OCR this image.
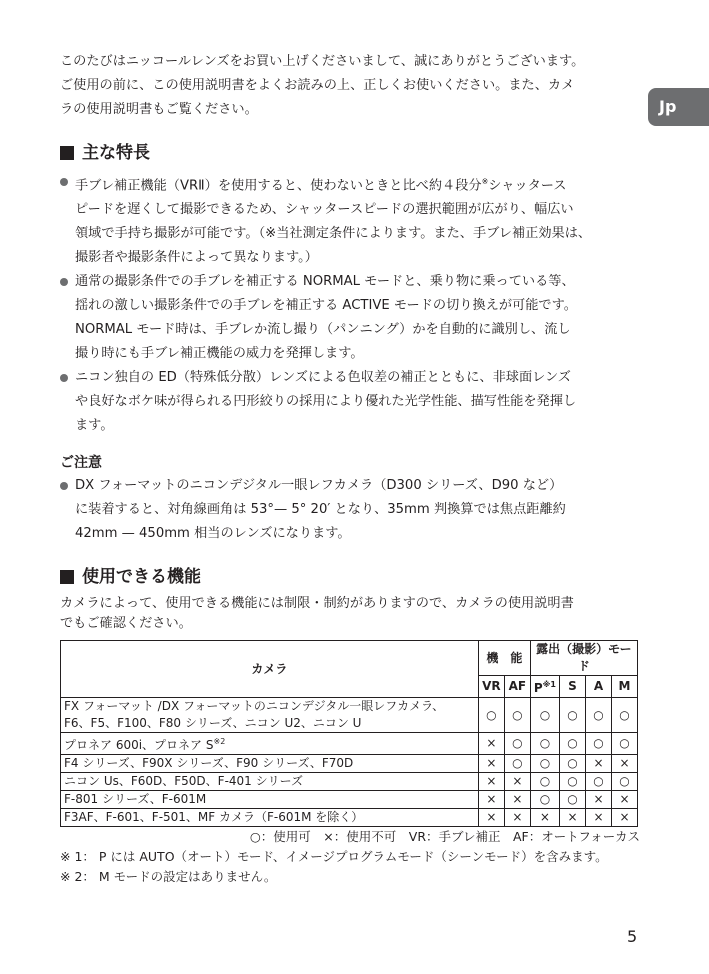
Jp

このたびはニッコールレンズをお買い上げくださいまして、誠にありがとうございます。

ご使用の前に、この使用説明書をよくお読みの上、正しくお使いください。また、カメ

ラの使用説明書もご覧ください。

主な特長
手ブレ補正機能（VRⅡ）を使用すると、使わないときと比べ約４段分※シャッタース
ピードを遅くして撮影できるため、シャッタースピードの選択範囲が広がり、幅広い
領域で手持ち撮影が可能です。（※当社測定条件によります。また、手ブレ補正効果は、
撮影者や撮影条件によって異なります。）
通常の撮影条件での手ブレを補正する NORMAL モードと、乗り物に乗っている等、
揺れの激しい撮影条件での手ブレを補正する ACTIVE モードの切り換えが可能です。
NORMAL モード時は、手ブレか流し撮り（パンニング）かを自動的に識別し、流し
撮り時にも手ブレ補正機能の威力を発揮します。
ニコン独自の ED（特殊低分散）レンズによる色収差の補正とともに、非球面レンズ
や良好なボケ味が得られる円形絞りの採用により優れた光学性能、描写性能を発揮し
ます。
ご注意
DX フォーマットのニコンデジタル一眼レフカメラ（D300 シリーズ、D90 など）
に装着すると、対角線画角は 53°— 5° 20′ となり、35mm 判換算では焦点距離約
42mm — 450mm 相当のレンズになります。
使用できる機能

カメラによって、使用できる機能には制限・制約がありますので、カメラの使用説明書

でもご確認ください。

カメラ	機　能		露出（撮影）モード			
	VR	AF	$P^{※1}$	S	A	M
FX フォーマット /DX フォーマットのニコンデジタル一眼レフカメラ、
F6、F5、F100、F80 シリーズ、ニコン U2、ニコン U	○	○	○	○	○	○
プロネア 600i、プロネア $S^{※2}$	×	○	○	○	○	○
F4 シリーズ、F90X シリーズ、F90 シリーズ、F70D	×	○	○	○	×	×
ニコン Us、F60D、F50D、F-401 シリーズ	×	×	○	○	○	○
F-801 シリーズ、F-601M	×	×	○	○	×	×
F3AF、F-601、F-501、MF カメラ（F-601M を除く）	×	×	×	×	×	×

○：使用可　×：使用不可　VR：手ブレ補正　AF：オートフォーカス

※ 1： P には AUTO（オート）モード、イメージプログラムモード（シーンモード）を含みます。

※ 2： M モードの設定はありません。

5
